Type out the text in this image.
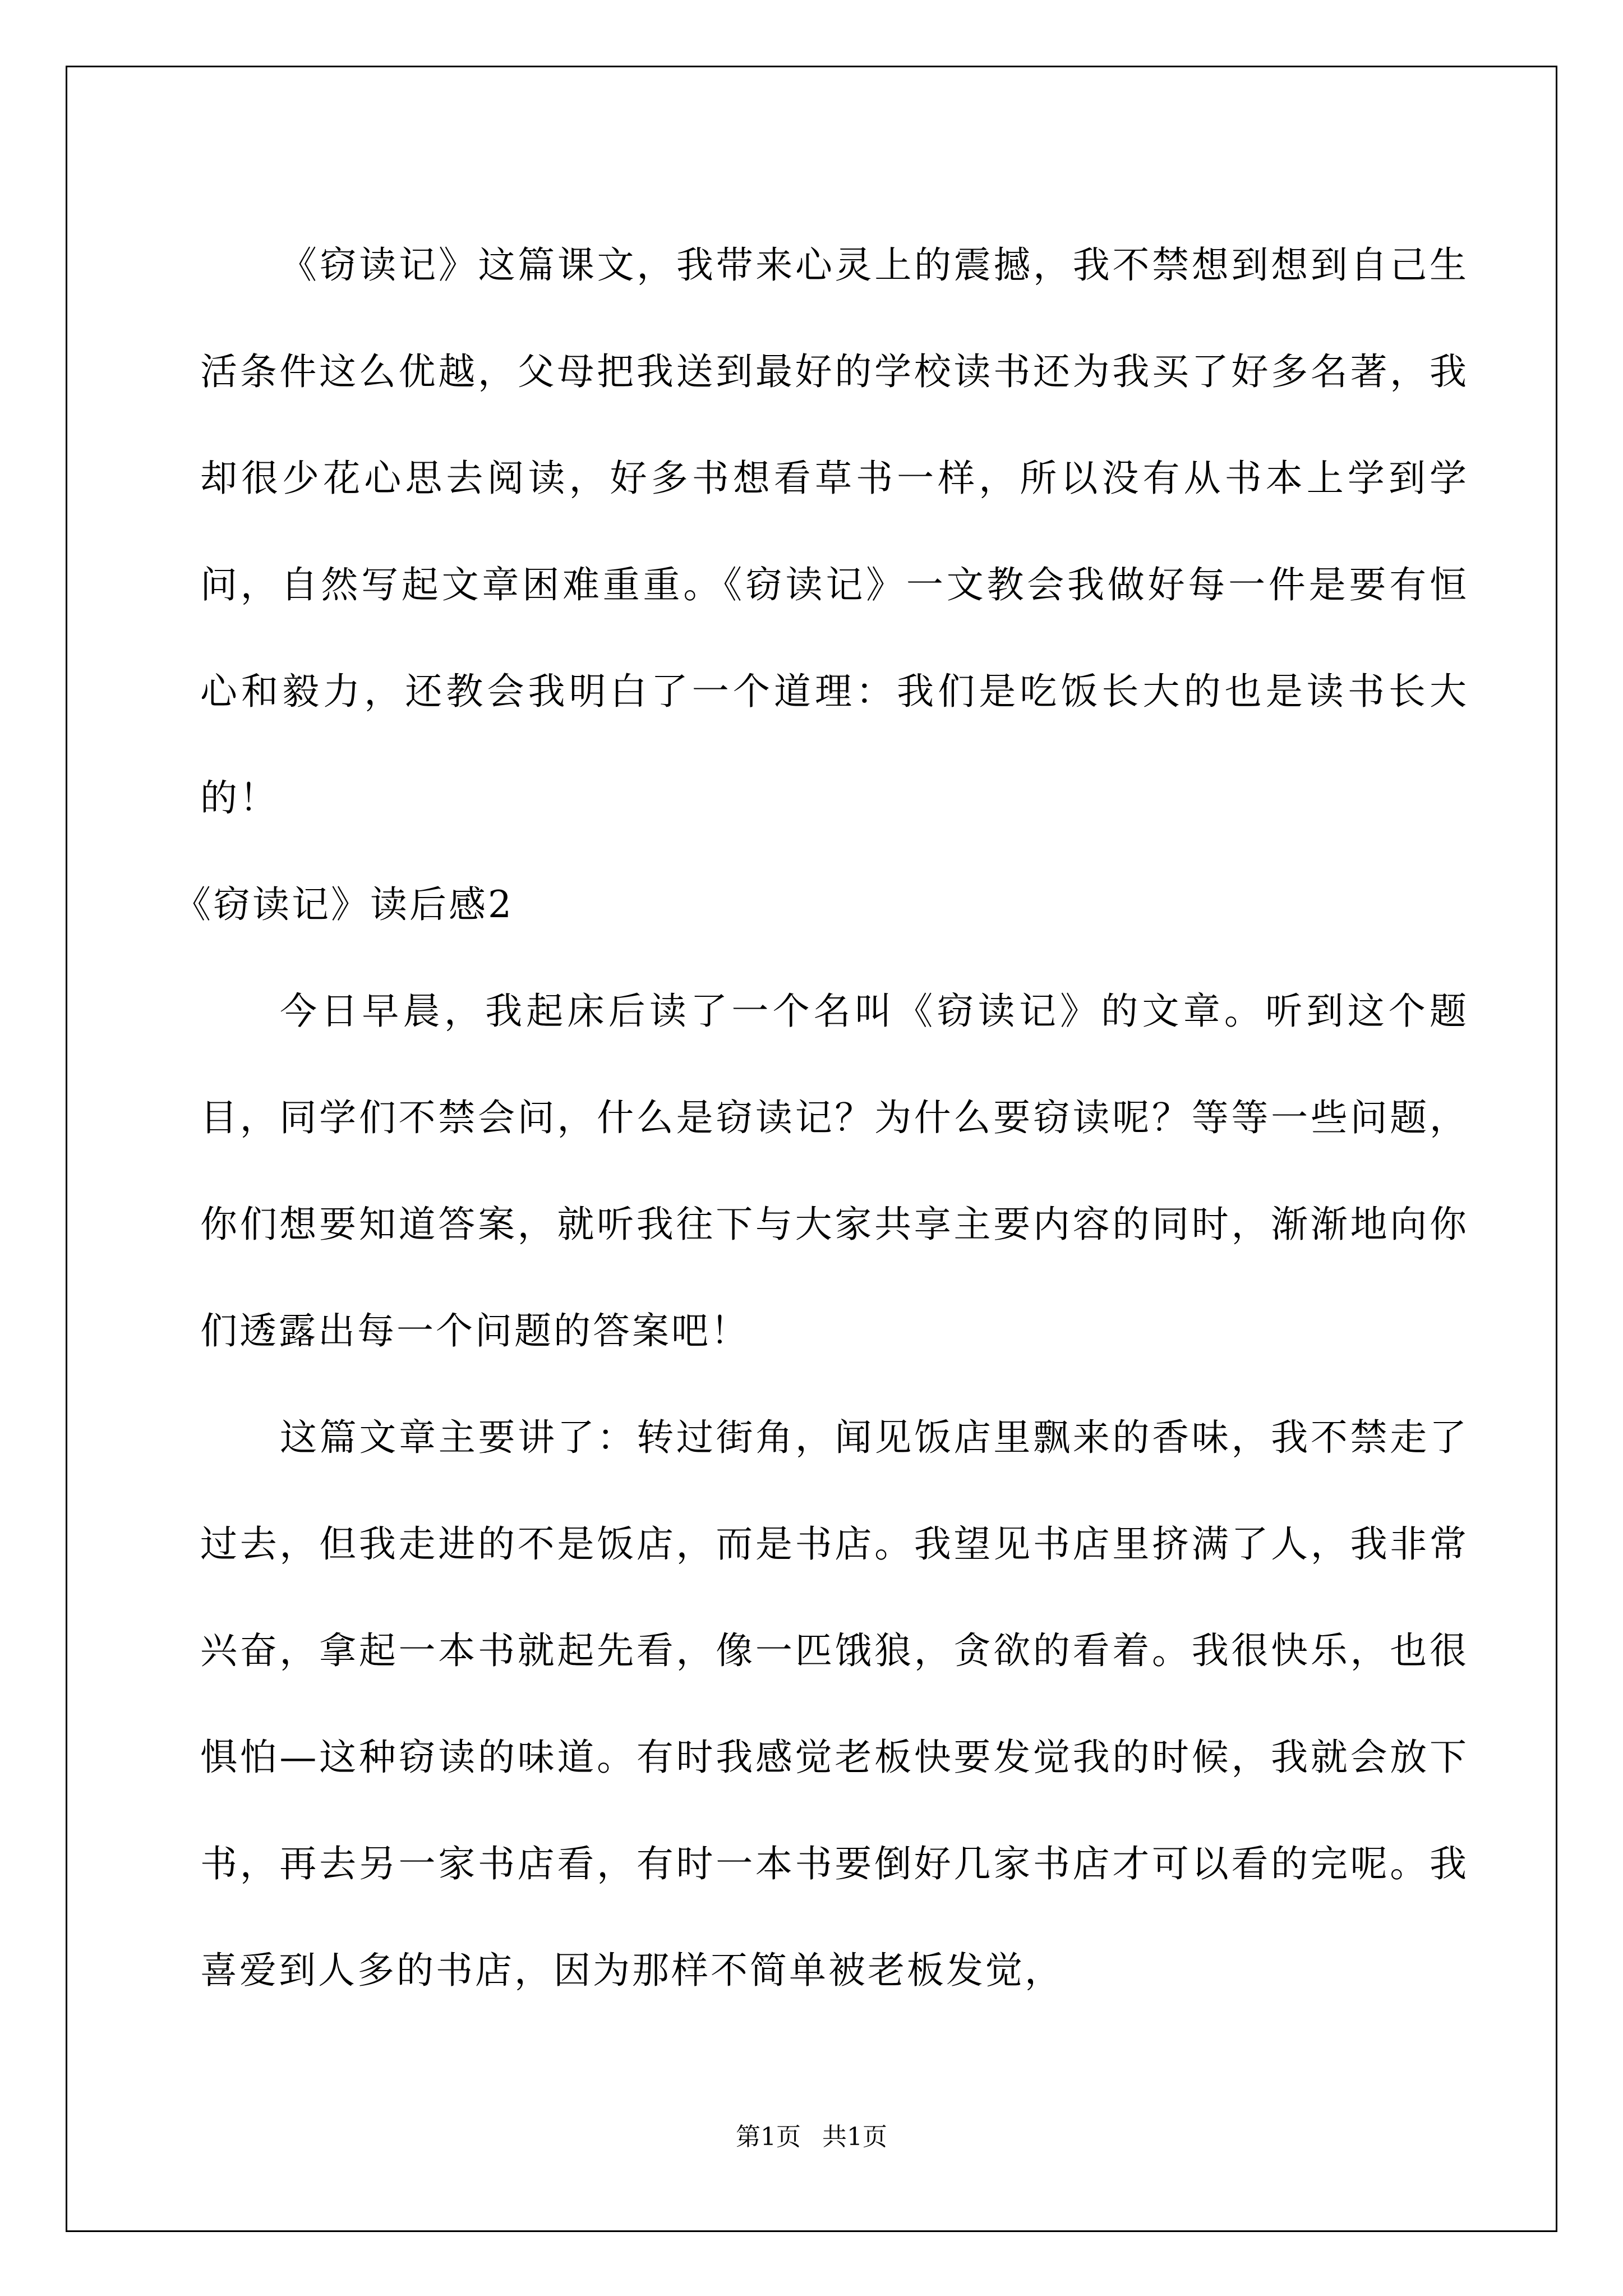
《窃读记》这篇课文，我带来心灵上的震撼，我不禁想到想到自己生活条件这么优越，父母把我送到最好的学校读书还为我买了好多名著，我却很少花心思去阅读，好多书想看草书一样，所以没有从书本上学到学问，自然写起文章困难重重。《窃读记》一文教会我做好每一件是要有恒心和毅力，还教会我明白了一个道理：我们是吃饭长大的也是读书长大的！

《窃读记》读后感2

今日早晨，我起床后读了一个名叫《窃读记》的文章。听到这个题目，同学们不禁会问，什么是窃读记？为什么要窃读呢？等等一些问题，你们想要知道答案，就听我往下与大家共享主要内容的同时，渐渐地向你们透露出每一个问题的答案吧！

这篇文章主要讲了：转过街角，闻见饭店里飘来的香味，我不禁走了过去，但我走进的不是饭店，而是书店。我望见书店里挤满了人，我非常兴奋，拿起一本书就起先看，像一匹饿狼，贪欲的看着。我很快乐，也很惧怕—这种窃读的味道。有时我感觉老板快要发觉我的时候，我就会放下书，再去另一家书店看，有时一本书要倒好几家书店才可以看的完呢。我喜爱到人多的书店，因为那样不简单被老板发觉，

第1页 共1页
